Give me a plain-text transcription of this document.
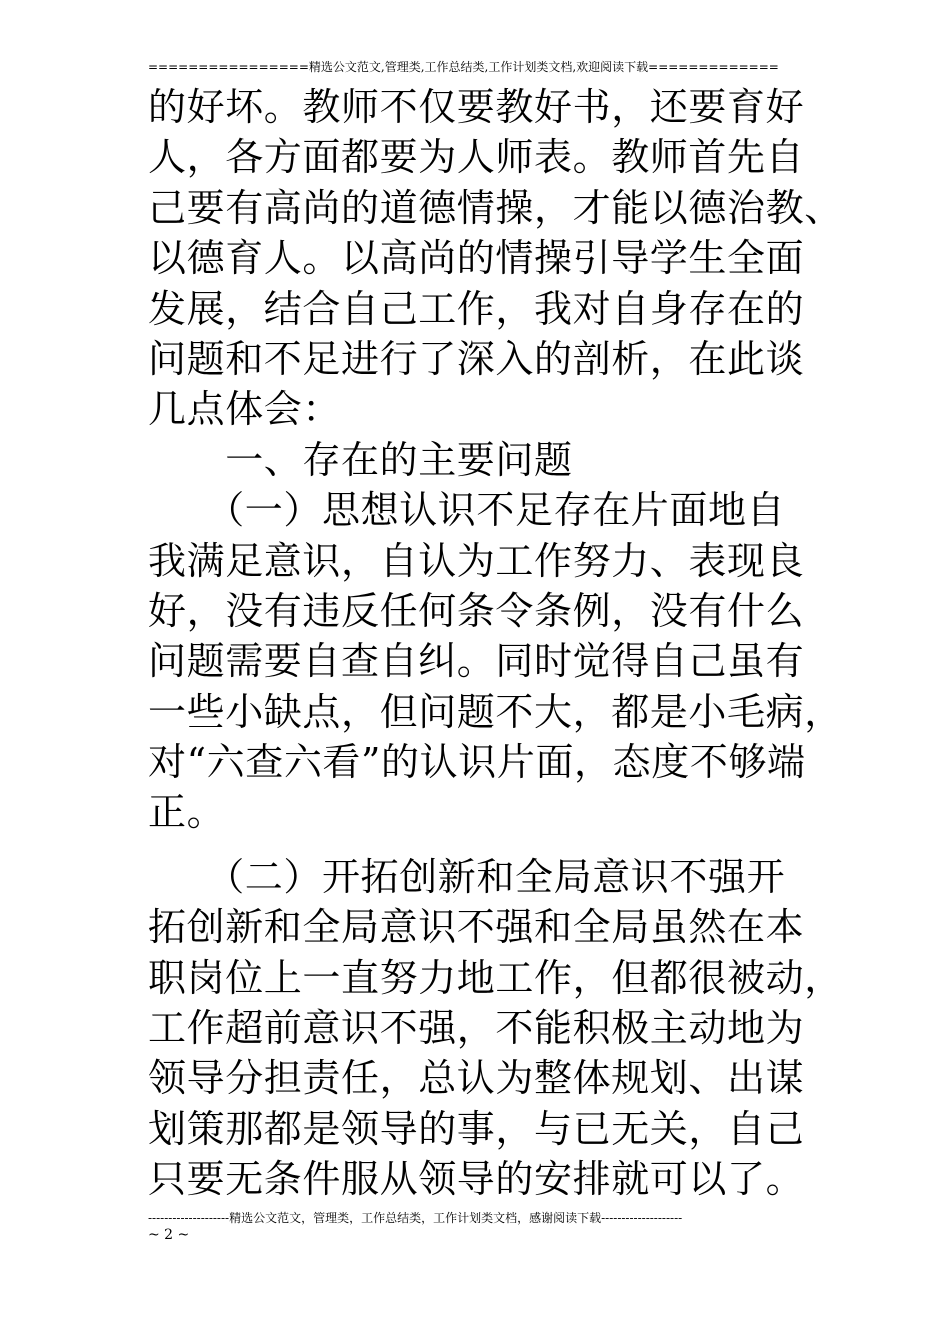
================精选公文范文,管理类,工作总结类,工作计划类文档,欢迎阅读下载=============
的好坏。教师不仅要教好书，还要育好
人，各方面都要为人师表。教师首先自
己要有高尚的道德情操，才能以德治教、
以德育人。以高尚的情操引导学生全面
发展，结合自己工作，我对自身存在的
问题和不足进行了深入的剖析，在此谈
几点体会：
　　一、存在的主要问题
　　（一）思想认识不足存在片面地自
我满足意识，自认为工作努力、表现良
好，没有违反任何条令条例，没有什么
问题需要自查自纠。同时觉得自己虽有
一些小缺点，但问题不大，都是小毛病，
对“六查六看”的认识片面，态度不够端
正。
　　（二）开拓创新和全局意识不强开
拓创新和全局意识不强和全局虽然在本
职岗位上一直努力地工作，但都很被动，
工作超前意识不强，不能积极主动地为
领导分担责任，总认为整体规划、出谋
划策那都是领导的事，与已无关，自己
只要无条件服从领导的安排就可以了。
--------------------精选公文范文，管理类，工作总结类，工作计划类文档，感谢阅读下载--------------------
~ 2 ~
